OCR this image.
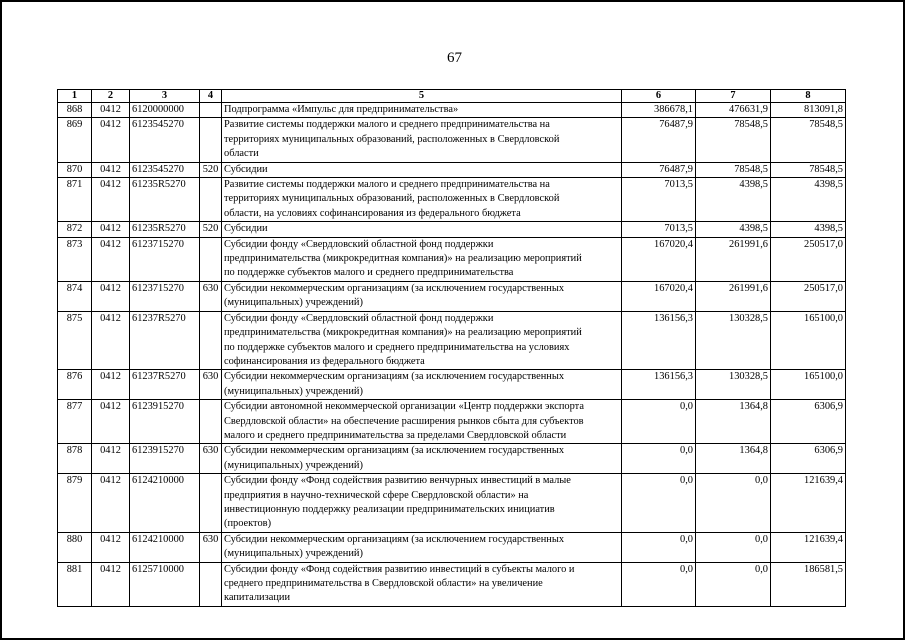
67
1	2	3	4	5	6	7	8
868	0412	6120000000		Подпрограмма «Импульс для предпринимательства»	386678,1	476631,9	813091,8
869	0412	6123545270		Развитие системы поддержки малого и среднего предпринимательства на
территориях муниципальных образований, расположенных в Свердловской
области	76487,9	78548,5	78548,5
870	0412	6123545270	520	Субсидии	76487,9	78548,5	78548,5
871	0412	61235R5270		Развитие системы поддержки малого и среднего предпринимательства на
территориях муниципальных образований, расположенных в Свердловской
области, на условиях софинансирования из федерального бюджета	7013,5	4398,5	4398,5
872	0412	61235R5270	520	Субсидии	7013,5	4398,5	4398,5
873	0412	6123715270		Субсидии фонду «Свердловский областной фонд поддержки
предпринимательства (микрокредитная компания)» на реализацию мероприятий
по поддержке субъектов малого и среднего предпринимательства	167020,4	261991,6	250517,0
874	0412	6123715270	630	Субсидии некоммерческим организациям (за исключением государственных
(муниципальных) учреждений)	167020,4	261991,6	250517,0
875	0412	61237R5270		Субсидии фонду «Свердловский областной фонд поддержки
предпринимательства (микрокредитная компания)» на реализацию мероприятий
по поддержке субъектов малого и среднего предпринимательства на условиях
софинансирования из федерального бюджета	136156,3	130328,5	165100,0
876	0412	61237R5270	630	Субсидии некоммерческим организациям (за исключением государственных
(муниципальных) учреждений)	136156,3	130328,5	165100,0
877	0412	6123915270		Субсидии автономной некоммерческой организации «Центр поддержки экспорта
Свердловской области» на обеспечение расширения рынков сбыта для субъектов
малого и среднего предпринимательства за пределами Свердловской области	0,0	1364,8	6306,9
878	0412	6123915270	630	Субсидии некоммерческим организациям (за исключением государственных
(муниципальных) учреждений)	0,0	1364,8	6306,9
879	0412	6124210000		Субсидии фонду «Фонд содействия развитию венчурных инвестиций в малые
предприятия в научно-технической сфере Свердловской области» на
инвестиционную поддержку реализации предпринимательских инициатив
(проектов)	0,0	0,0	121639,4
880	0412	6124210000	630	Субсидии некоммерческим организациям (за исключением государственных
(муниципальных) учреждений)	0,0	0,0	121639,4
881	0412	6125710000		Субсидии фонду «Фонд содействия развитию инвестиций в субъекты малого и
среднего предпринимательства в Свердловской области» на увеличение
капитализации	0,0	0,0	186581,5
